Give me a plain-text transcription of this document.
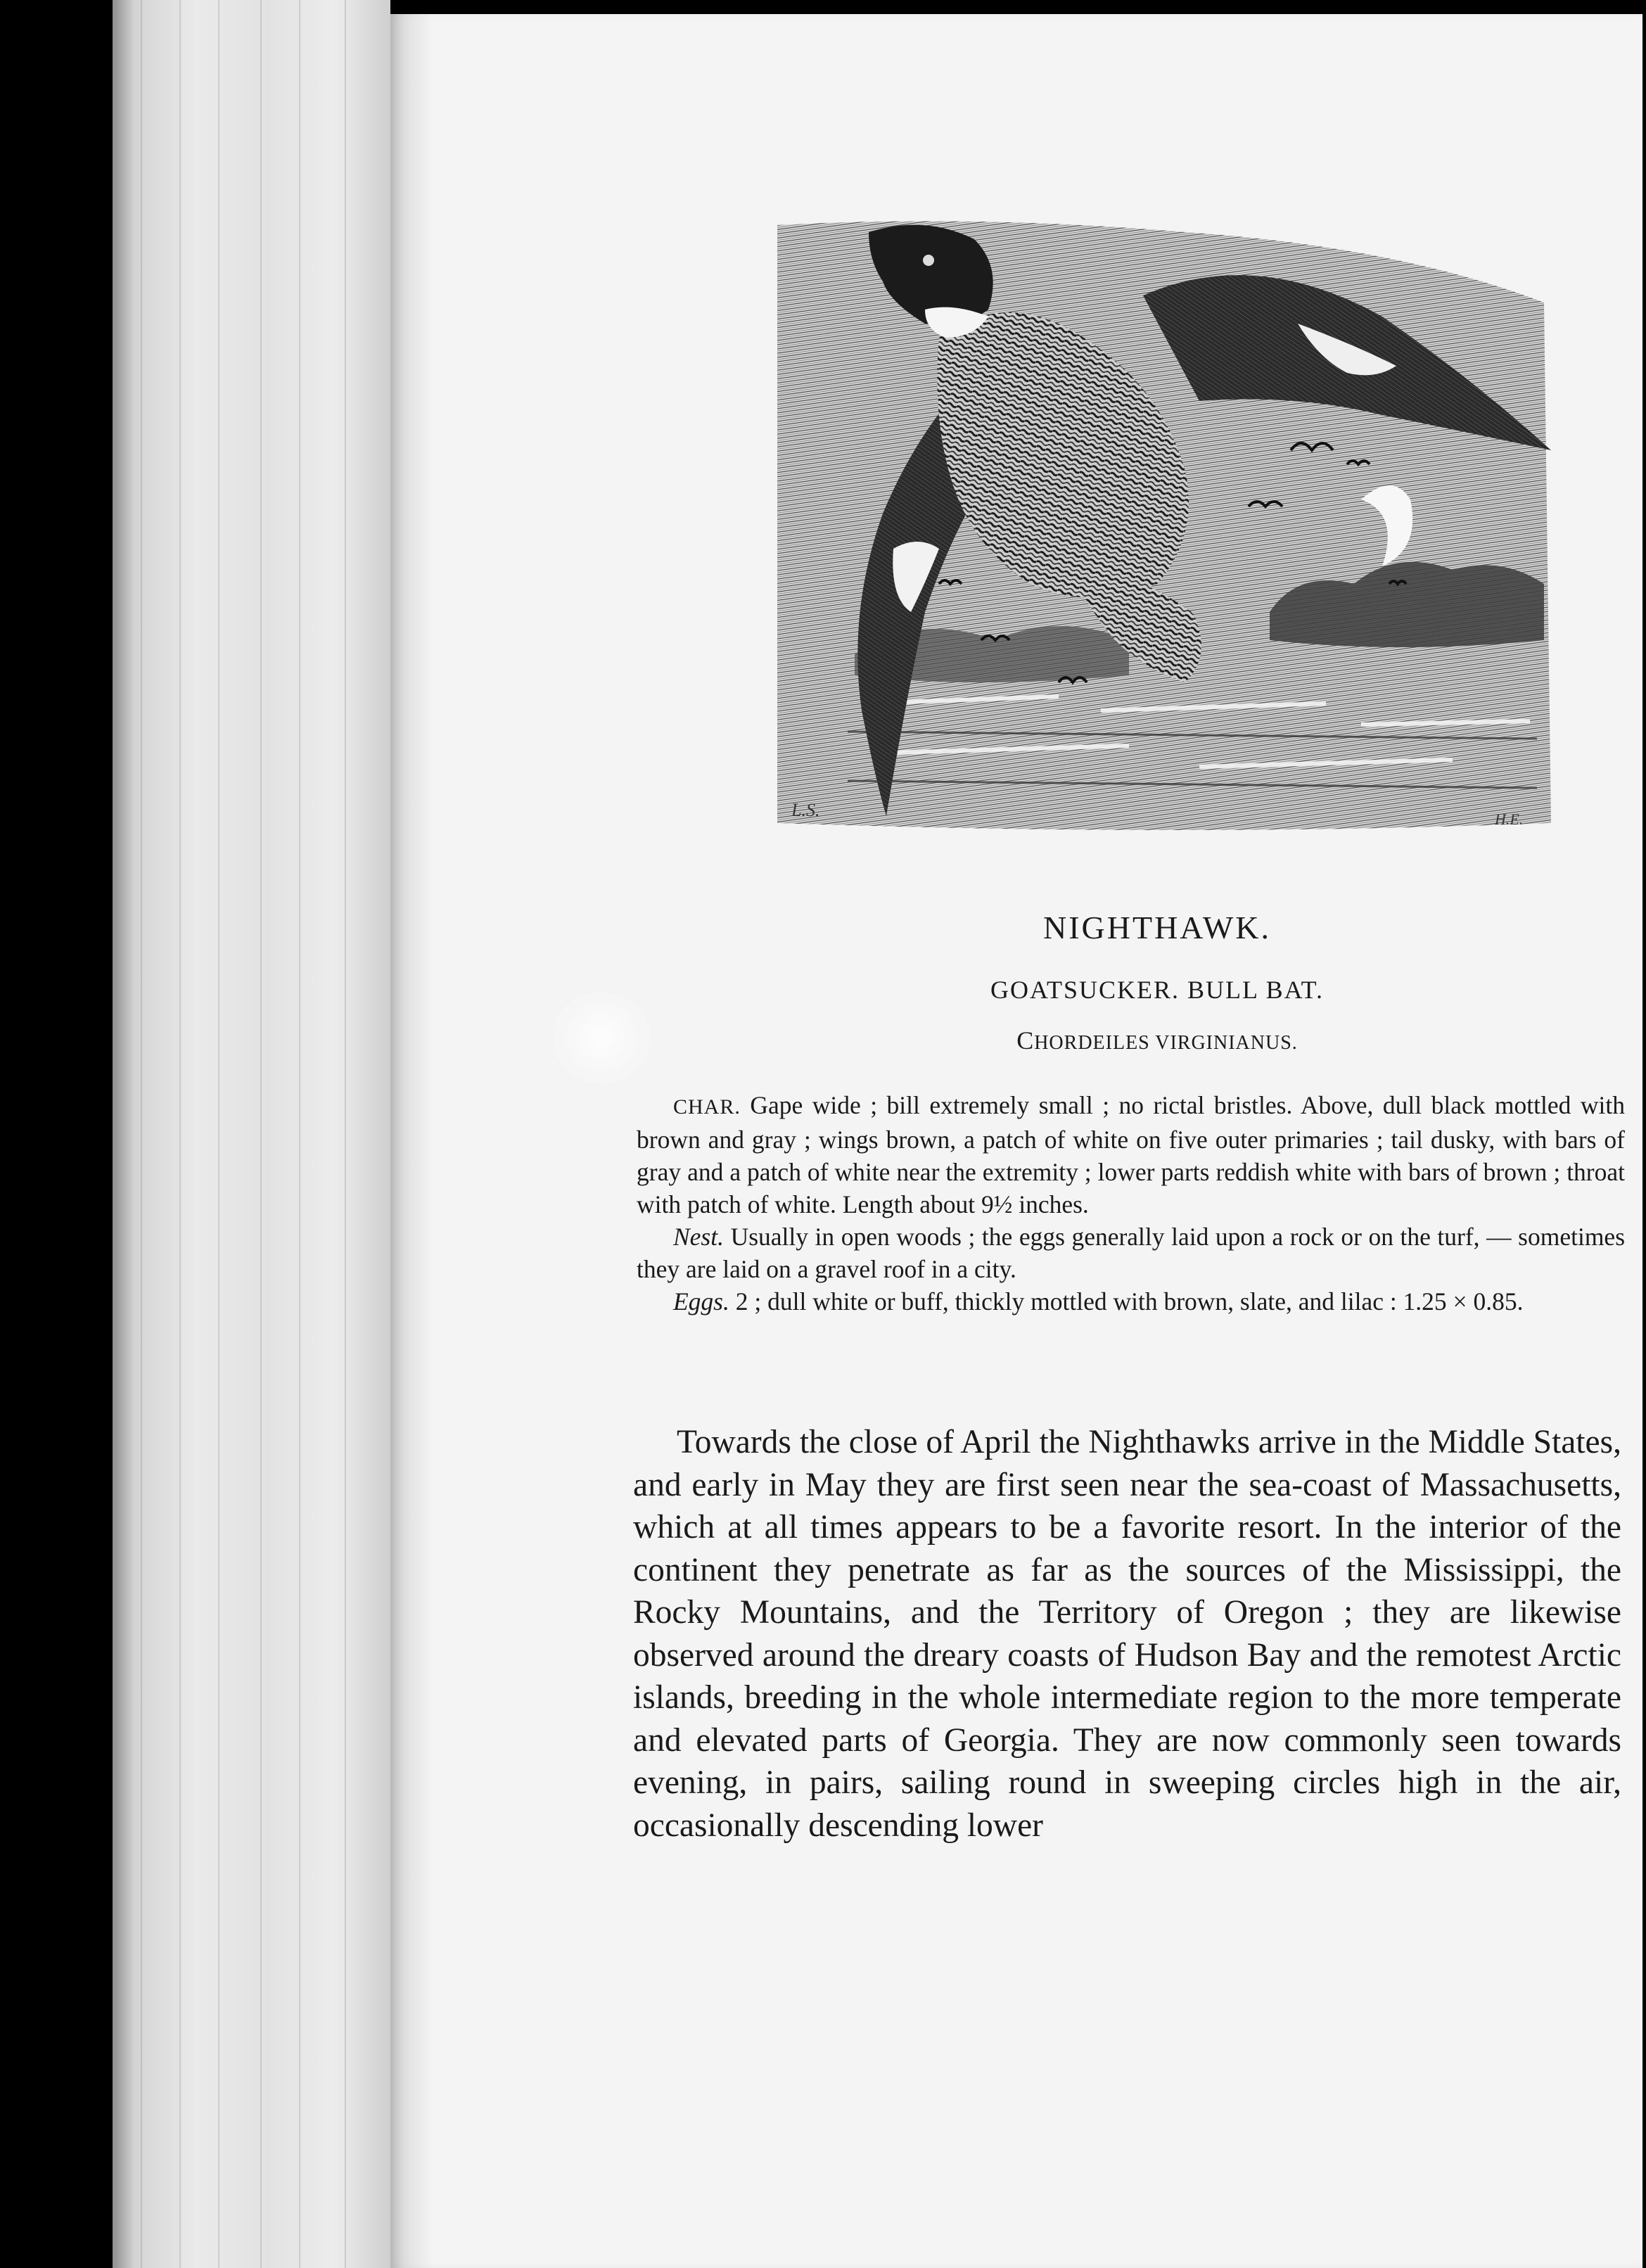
L.S.	H.E.
NIGHTHAWK.
GOATSUCKER. BULL BAT.
CHORDEILES VIRGINIANUS.

CHAR. Gape wide ; bill extremely small ; no rictal bristles. Above, dull black mottled with brown and gray ; wings brown, a patch of white on five outer primaries ; tail dusky, with bars of gray and a patch of white near the extremity ; lower parts reddish white with bars of brown ; throat with patch of white. Length about 9½ inches.

Nest. Usually in open woods ; the eggs generally laid upon a rock or on the turf, — sometimes they are laid on a gravel roof in a city.

Eggs. 2 ; dull white or buff, thickly mottled with brown, slate, and lilac : 1.25 × 0.85.

Towards the close of April the Nighthawks arrive in the Middle States, and early in May they are first seen near the sea-coast of Massachusetts, which at all times appears to be a favorite resort. In the interior of the continent they penetrate as far as the sources of the Mississippi, the Rocky Mountains, and the Territory of Oregon ; they are likewise observed around the dreary coasts of Hudson Bay and the remotest Arctic islands, breeding in the whole intermediate region to the more temperate and elevated parts of Georgia. They are now commonly seen towards evening, in pairs, sailing round in sweeping circles high in the air, occasionally descending lower
